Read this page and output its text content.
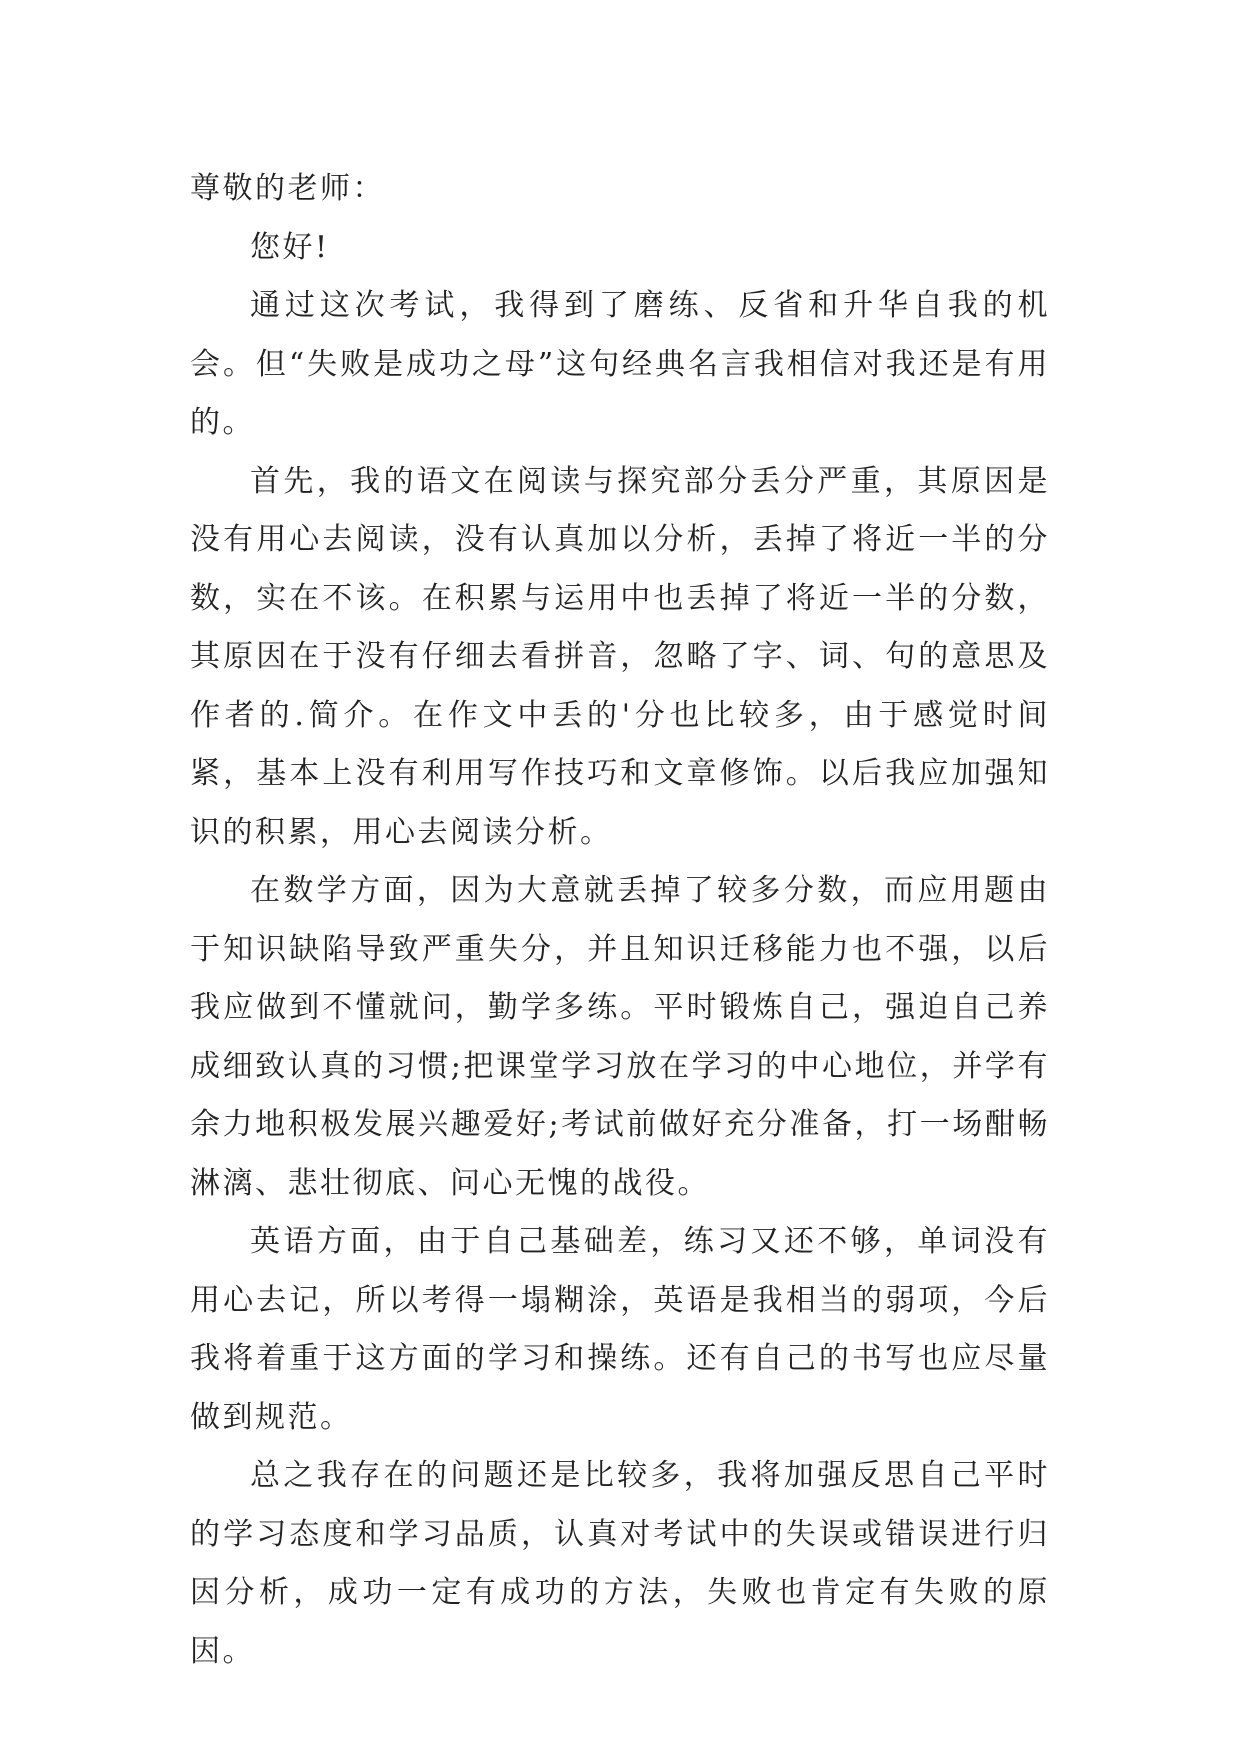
尊敬的老师：

您好!

通过这次考试，我得到了磨练、反省和升华自我的机会。但“失败是成功之母”这句经典名言我相信对我还是有用的。

首先，我的语文在阅读与探究部分丢分严重，其原因是没有用心去阅读，没有认真加以分析，丢掉了将近一半的分数，实在不该。在积累与运用中也丢掉了将近一半的分数，其原因在于没有仔细去看拼音，忽略了字、词、句的意思及作者的.简介。在作文中丢的'分也比较多，由于感觉时间紧，基本上没有利用写作技巧和文章修饰。以后我应加强知识的积累，用心去阅读分析。

在数学方面，因为大意就丢掉了较多分数，而应用题由于知识缺陷导致严重失分，并且知识迁移能力也不强，以后我应做到不懂就问，勤学多练。平时锻炼自己，强迫自己养成细致认真的习惯;把课堂学习放在学习的中心地位，并学有余力地积极发展兴趣爱好;考试前做好充分准备，打一场酣畅淋漓、悲壮彻底、问心无愧的战役。

英语方面，由于自己基础差，练习又还不够，单词没有用心去记，所以考得一塌糊涂，英语是我相当的弱项，今后我将着重于这方面的学习和操练。还有自己的书写也应尽量做到规范。

总之我存在的问题还是比较多，我将加强反思自己平时的学习态度和学习品质，认真对考试中的失误或错误进行归因分析，成功一定有成功的方法，失败也肯定有失败的原因。
